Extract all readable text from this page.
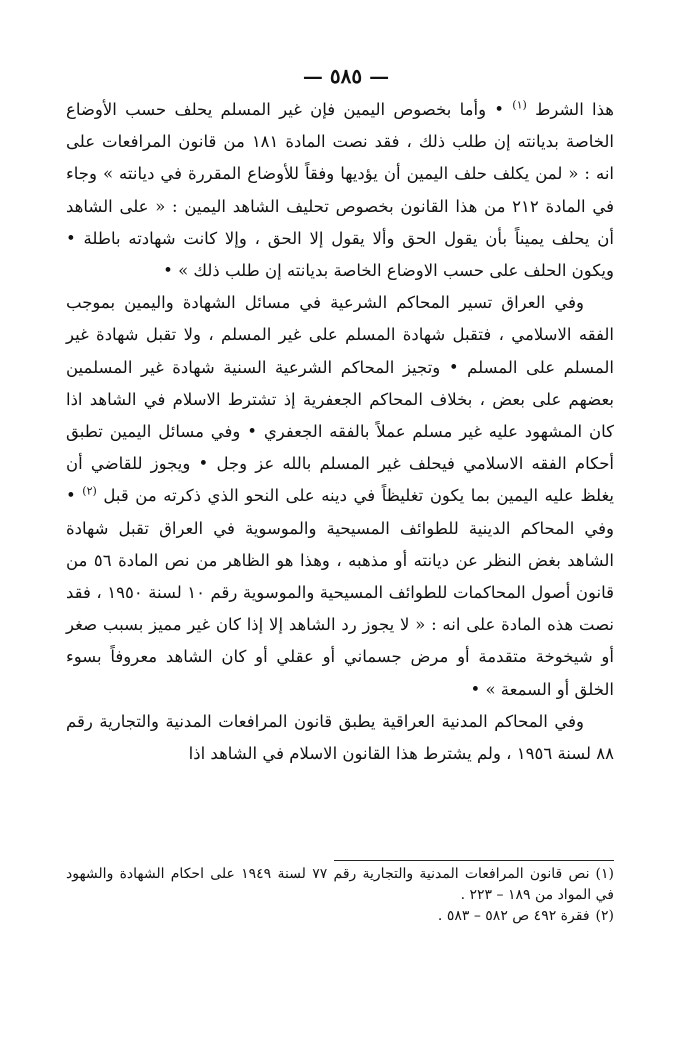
— ٥٨٥ —

هذا الشرط $^{(١)}$ • وأما بخصوص اليمين فإن غير المسلم يحلف حسب الأوضاع الخاصة بديانته إن طلب ذلك ، فقد نصت المادة ١٨١ من قانون المرافعات على انه : « لمن يكلف حلف اليمين أن يؤديها وفقاً للأوضاع المقررة في ديانته » وجاء في المادة ٢١٢ من هذا القانون بخصوص تحليف الشاهد اليمين : « على الشاهد أن يحلف يميناً بأن يقول الحق وألا يقول إلا الحق ، وإلا كانت شهادته باطلة • ويكون الحلف على حسب الاوضاع الخاصة بديانته إن طلب ذلك » •

وفي العراق تسير المحاكم الشرعية في مسائل الشهادة واليمين بموجب الفقه الاسلامي ، فتقبل شهادة المسلم على غير المسلم ، ولا تقبل شهادة غير المسلم على المسلم • وتجيز المحاكم الشرعية السنية شهادة غير المسلمين بعضهم على بعض ، بخلاف المحاكم الجعفرية إذ تشترط الاسلام في الشاهد اذا كان المشهود عليه غير مسلم عملاً بالفقه الجعفري • وفي مسائل اليمين تطبق أحكام الفقه الاسلامي فيحلف غير المسلم بالله عز وجل • ويجوز للقاضي أن يغلظ عليه اليمين بما يكون تغليظاً في دينه على النحو الذي ذكرته من قبل $^{(٢)}$ • وفي المحاكم الدينية للطوائف المسيحية والموسوية في العراق تقبل شهادة الشاهد بغض النظر عن ديانته أو مذهبه ، وهذا هو الظاهر من نص المادة ٥٦ من قانون أصول المحاكمات للطوائف المسيحية والموسوية رقم ١٠ لسنة ١٩٥٠ ، فقد نصت هذه المادة على انه : « لا يجوز رد الشاهد إلا إذا كان غير مميز بسبب صغر أو شيخوخة متقدمة أو مرض جسماني أو عقلي أو كان الشاهد معروفاً بسوء الخلق أو السمعة » •

وفي المحاكم المدنية العراقية يطبق قانون المرافعات المدنية والتجارية رقم ٨٨ لسنة ١٩٥٦ ، ولم يشترط هذا القانون الاسلام في الشاهد اذا

(١)نص قانون المرافعات المدنية والتجارية رقم ٧٧ لسنة ١٩٤٩ على احكام الشهادة والشهود في المواد من ١٨٩ – ٢٢٣ .

(٢)فقرة ٤٩٢ ص ٥٨٢ – ٥٨٣ .
